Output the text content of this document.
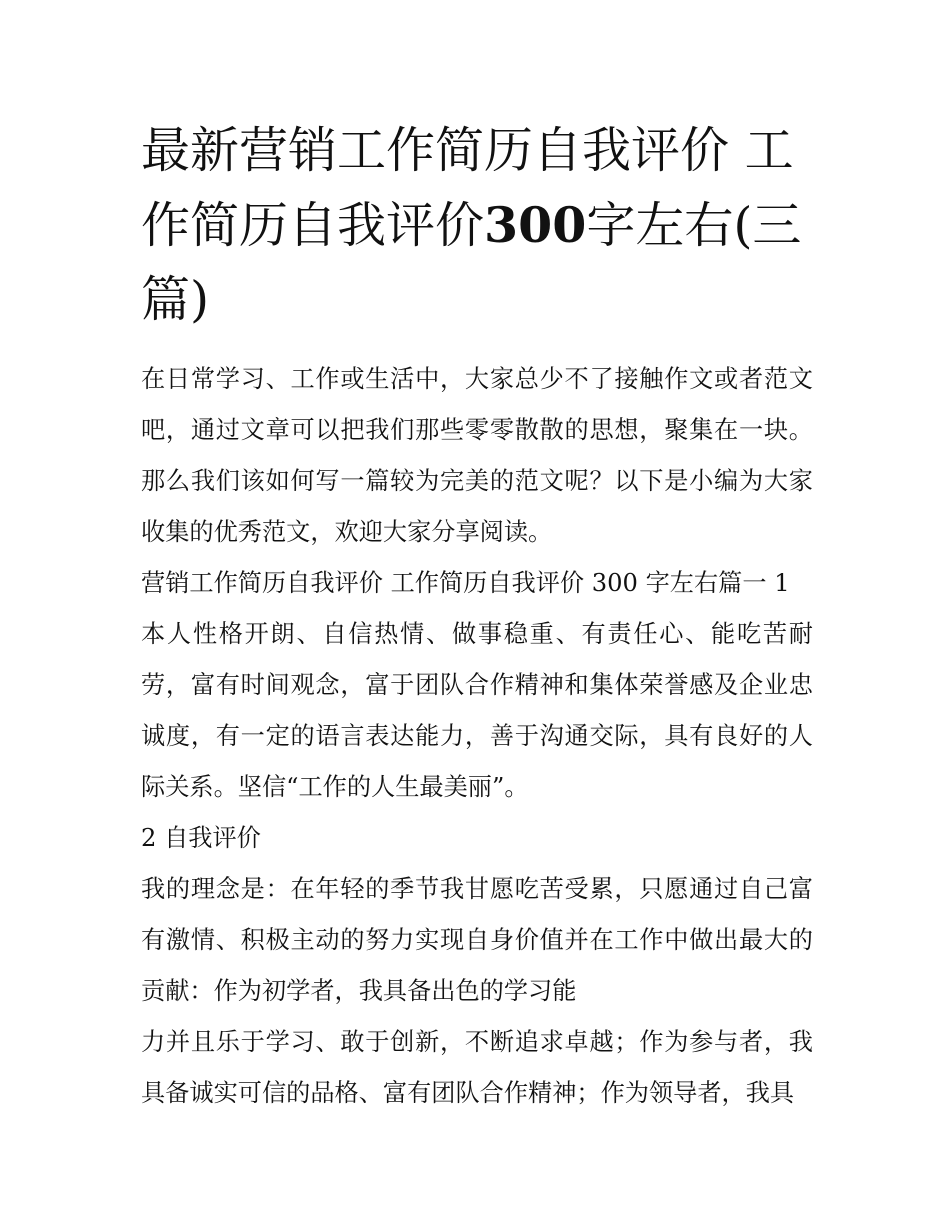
最新营销工作简历自我评价 工作简历自我评价300字左右(三篇)

在日常学习、工作或生活中，大家总少不了接触作文或者范文吧，通过文章可以把我们那些零零散散的思想，聚集在一块。那么我们该如何写一篇较为完美的范文呢？以下是小编为大家收集的优秀范文，欢迎大家分享阅读。

营销工作简历自我评价 工作简历自我评价 300 字左右篇一 1

本人性格开朗、自信热情、做事稳重、有责任心、能吃苦耐劳，富有时间观念，富于团队合作精神和集体荣誉感及企业忠诚度，有一定的语言表达能力，善于沟通交际，具有良好的人际关系。坚信“工作的人生最美丽”。

2 自我评价

我的理念是：在年轻的季节我甘愿吃苦受累，只愿通过自己富有激情、积极主动的努力实现自身价值并在工作中做出最大的贡献：作为初学者，我具备出色的学习能

力并且乐于学习、敢于创新，不断追求卓越；作为参与者，我具备诚实可信的品格、富有团队合作精神；作为领导者，我具
